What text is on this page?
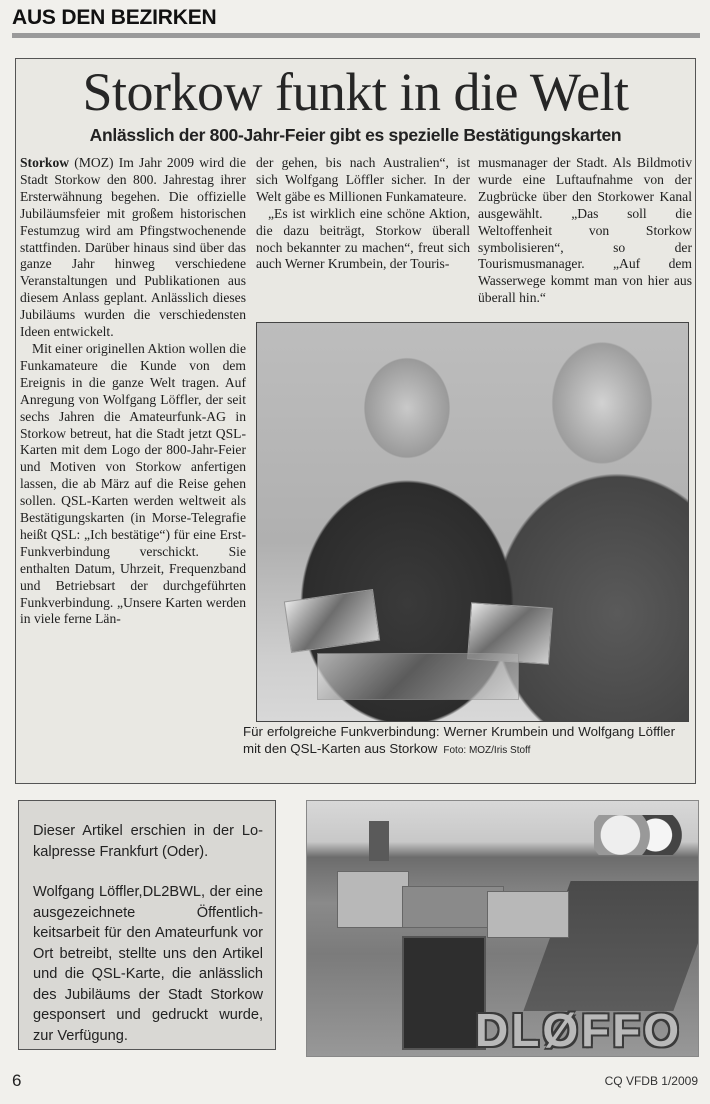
AUS DEN BEZIRKEN
Storkow funkt in die Welt
Anlässlich der 800-Jahr-Feier gibt es spezielle Bestätigungskarten

Storkow (MOZ) Im Jahr 2009 wird die Stadt Storkow den 800. Jahrestag ihrer Ersterwähnung begehen. Die offizielle Jubiläumsfeier mit großem historischen Festumzug wird am Pfingstwochenende stattfinden. Darüber hinaus sind über das ganze Jahr hinweg verschiedene Veranstaltungen und Publikationen aus diesem Anlass geplant. Anlässlich dieses Jubiläums wurden die verschiedensten Ideen entwickelt.

Mit einer originellen Aktion wollen die Funkamateure die Kunde von dem Ereignis in die ganze Welt tragen. Auf Anregung von Wolfgang Löffler, der seit sechs Jahren die Amateurfunk-AG in Storkow betreut, hat die Stadt jetzt QSL-Karten mit dem Logo der 800-Jahr-Feier und Motiven von Storkow anfertigen lassen, die ab März auf die Reise gehen sollen. QSL-Karten werden weltweit als Bestätigungskarten (in Morse-Telegrafie heißt QSL: „Ich bestätige“) für eine Erst-Funkverbindung verschickt. Sie enthalten Datum, Uhrzeit, Frequenzband und Betriebsart der durchgeführten Funkverbindung. „Unsere Karten werden in viele ferne Län-

der gehen, bis nach Australien“, ist sich Wolfgang Löffler sicher. In der Welt gäbe es Millionen Funkamateure.

„Es ist wirklich eine schöne Aktion, die dazu beiträgt, Storkow überall noch bekannter zu machen“, freut sich auch Werner Krumbein, der Touris-

musmanager der Stadt. Als Bildmotiv wurde eine Luftaufnahme von der Zugbrücke über den Storkower Kanal ausgewählt. „Das soll die Weltoffenheit von Storkow symbolisieren“, so der Tourismusmanager. „Auf dem Wasserwege kommt man von hier aus überall hin.“

Für erfolgreiche Funkverbindung: Werner Krumbein und Wolfgang Löffler mit den QSL-Karten aus Storkow Foto: MOZ/Iris Stoff

Dieser Artikel erschien in der Lokalpresse Frankfurt (Oder).

Wolfgang Löffler,DL2BWL, der eine ausgezeichnete Öffentlichkeitsarbeit für den Amateurfunk vor Ort betreibt, stellte uns den Artikel und die QSL-Karte, die anlässlich des Jubiläums der Stadt Storkow gesponsert und gedruckt wurde, zur Verfügung.	DLØFFO
6	CQ VFDB 1/2009
